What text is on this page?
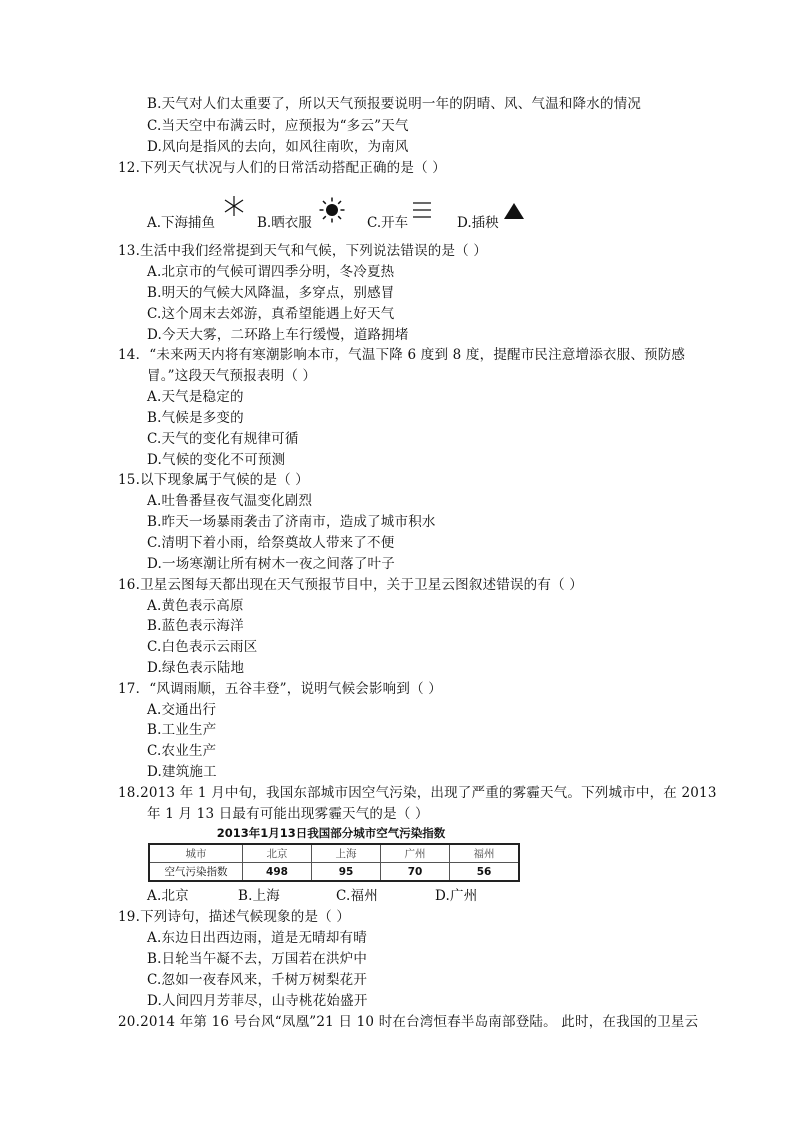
B.天气对人们太重要了，所以天气预报要说明一年的阴晴、风、气温和降水的情况
C.当天空中布满云时，应预报为“多云”天气
D.风向是指风的去向，如风往南吹，为南风
12.下列天气状况与人们的日常活动搭配正确的是（ ）
A.下海捕鱼	B.晒衣服	C.开车	D.插秧
13.生活中我们经常提到天气和气候，下列说法错误的是（ ）
A.北京市的气候可谓四季分明，冬冷夏热
B.明天的气候大风降温，多穿点，别感冒
C.这个周末去郊游，真希望能遇上好天气
D.今天大雾，二环路上车行缓慢，道路拥堵
14．“未来两天内将有寒潮影响本市，气温下降 6 度到 8 度，提醒市民注意增添衣服、预防感
冒。”这段天气预报表明（ ）
A.天气是稳定的
B.气候是多变的
C.天气的变化有规律可循
D.气候的变化不可预测
15.以下现象属于气候的是（ ）
A.吐鲁番昼夜气温变化剧烈
B.昨天一场暴雨袭击了济南市，造成了城市积水
C.清明下着小雨，给祭奠故人带来了不便
D.一场寒潮让所有树木一夜之间落了叶子
16.卫星云图每天都出现在天气预报节目中，关于卫星云图叙述错误的有（ ）
A.黄色表示高原
B.蓝色表示海洋
C.白色表示云雨区
D.绿色表示陆地
17．“风调雨顺，五谷丰登”，说明气候会影响到（ ）
A.交通出行
B.工业生产
C.农业生产
D.建筑施工
18.2013 年 1 月中旬，我国东部城市因空气污染，出现了严重的雾霾天气。下列城市中，在 2013
年 1 月 13 日最有可能出现雾霾天气的是（ ）
2013年1月13日我国部分城市空气污染指数
城市	北京	上海	广州	福州
空气污染指数	498	95	70	56
A.北京	B.上海	C.福州	D.广州
19.下列诗句，描述气候现象的是（ ）
A.东边日出西边雨，道是无晴却有晴
B.日轮当午凝不去，万国若在洪炉中
C.忽如一夜春风来，千树万树梨花开
D.人间四月芳菲尽，山寺桃花始盛开
20.2014 年第 16 号台风“凤凰”21 日 10 时在台湾恒春半岛南部登陆。 此时，在我国的卫星云
